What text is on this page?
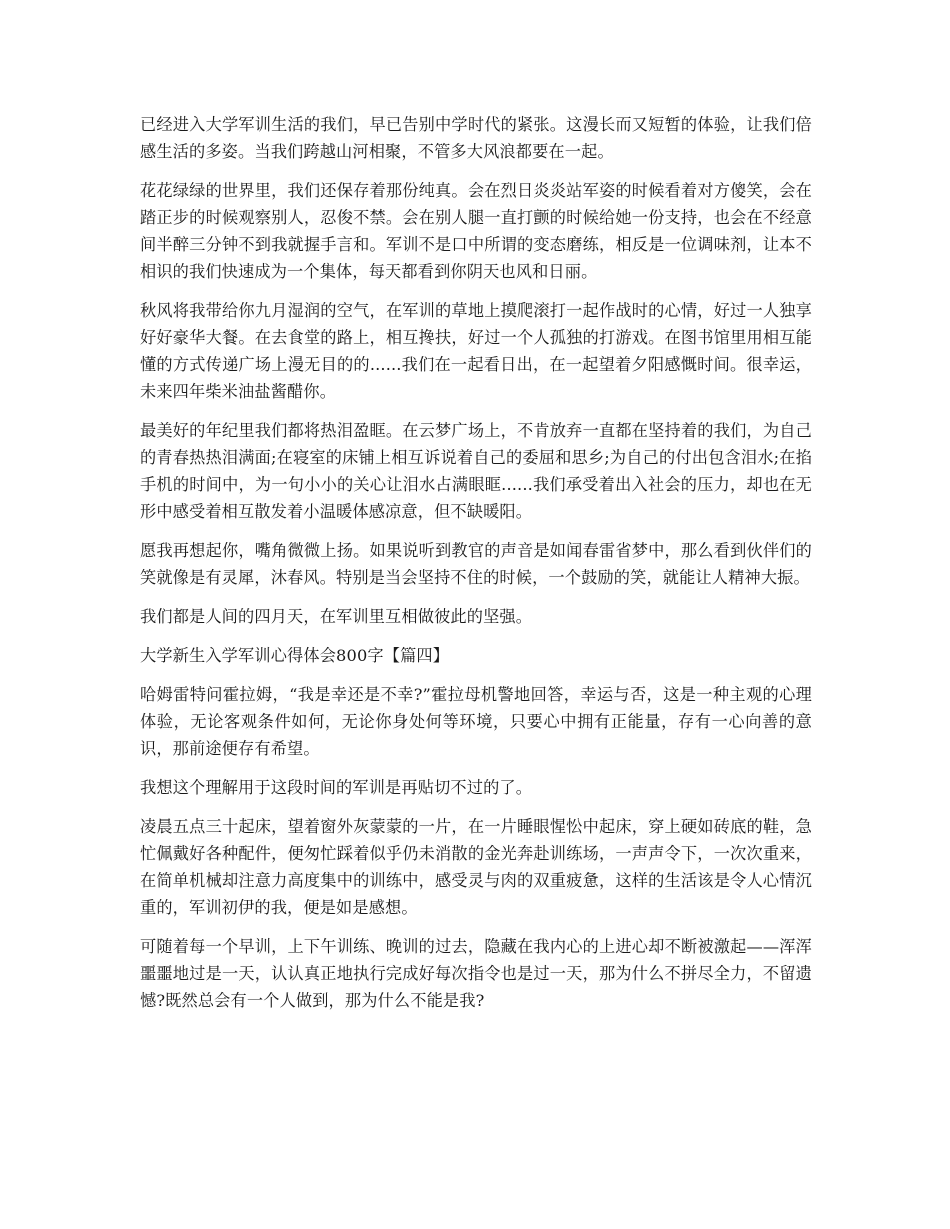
已经进入大学军训生活的我们，早已告别中学时代的紧张。这漫长而又短暂的体验，让我们倍感生活的多姿。当我们跨越山河相聚，不管多大风浪都要在一起。

花花绿绿的世界里，我们还保存着那份纯真。会在烈日炎炎站军姿的时候看着对方傻笑，会在踏正步的时候观察别人，忍俊不禁。会在别人腿一直打颤的时候给她一份支持，也会在不经意间半醉三分钟不到我就握手言和。军训不是口中所谓的变态磨练，相反是一位调味剂，让本不相识的我们快速成为一个集体，每天都看到你阴天也风和日丽。

秋风将我带给你九月湿润的空气，在军训的草地上摸爬滚打一起作战时的心情，好过一人独享好好豪华大餐。在去食堂的路上，相互搀扶，好过一个人孤独的打游戏。在图书馆里用相互能懂的方式传递广场上漫无目的的......我们在一起看日出，在一起望着夕阳感慨时间。很幸运，未来四年柴米油盐酱醋你。

最美好的年纪里我们都将热泪盈眶。在云梦广场上，不肯放弃一直都在坚持着的我们，为自己的青春热热泪满面;在寝室的床铺上相互诉说着自己的委屈和思乡;为自己的付出包含泪水;在掐手机的时间中，为一句小小的关心让泪水占满眼眶......我们承受着出入社会的压力，却也在无形中感受着相互散发着小温暖体感凉意，但不缺暖阳。

愿我再想起你，嘴角微微上扬。如果说听到教官的声音是如闻春雷省梦中，那么看到伙伴们的笑就像是有灵犀，沐春风。特别是当会坚持不住的时候，一个鼓励的笑，就能让人精神大振。

我们都是人间的四月天，在军训里互相做彼此的坚强。

大学新生入学军训心得体会800字【篇四】

哈姆雷特问霍拉姆，“我是幸还是不幸?”霍拉母机警地回答，幸运与否，这是一种主观的心理体验，无论客观条件如何，无论你身处何等环境，只要心中拥有正能量，存有一心向善的意识，那前途便存有希望。

我想这个理解用于这段时间的军训是再贴切不过的了。

凌晨五点三十起床，望着窗外灰蒙蒙的一片，在一片睡眼惺忪中起床，穿上硬如砖底的鞋，急忙佩戴好各种配件，便匆忙踩着似乎仍未消散的金光奔赴训练场，一声声令下，一次次重来，在简单机械却注意力高度集中的训练中，感受灵与肉的双重疲惫，这样的生活该是令人心情沉重的，军训初伊的我，便是如是感想。

可随着每一个早训，上下午训练、晚训的过去，隐藏在我内心的上进心却不断被激起——浑浑噩噩地过是一天，认认真正地执行完成好每次指令也是过一天，那为什么不拼尽全力，不留遗憾?既然总会有一个人做到，那为什么不能是我?
